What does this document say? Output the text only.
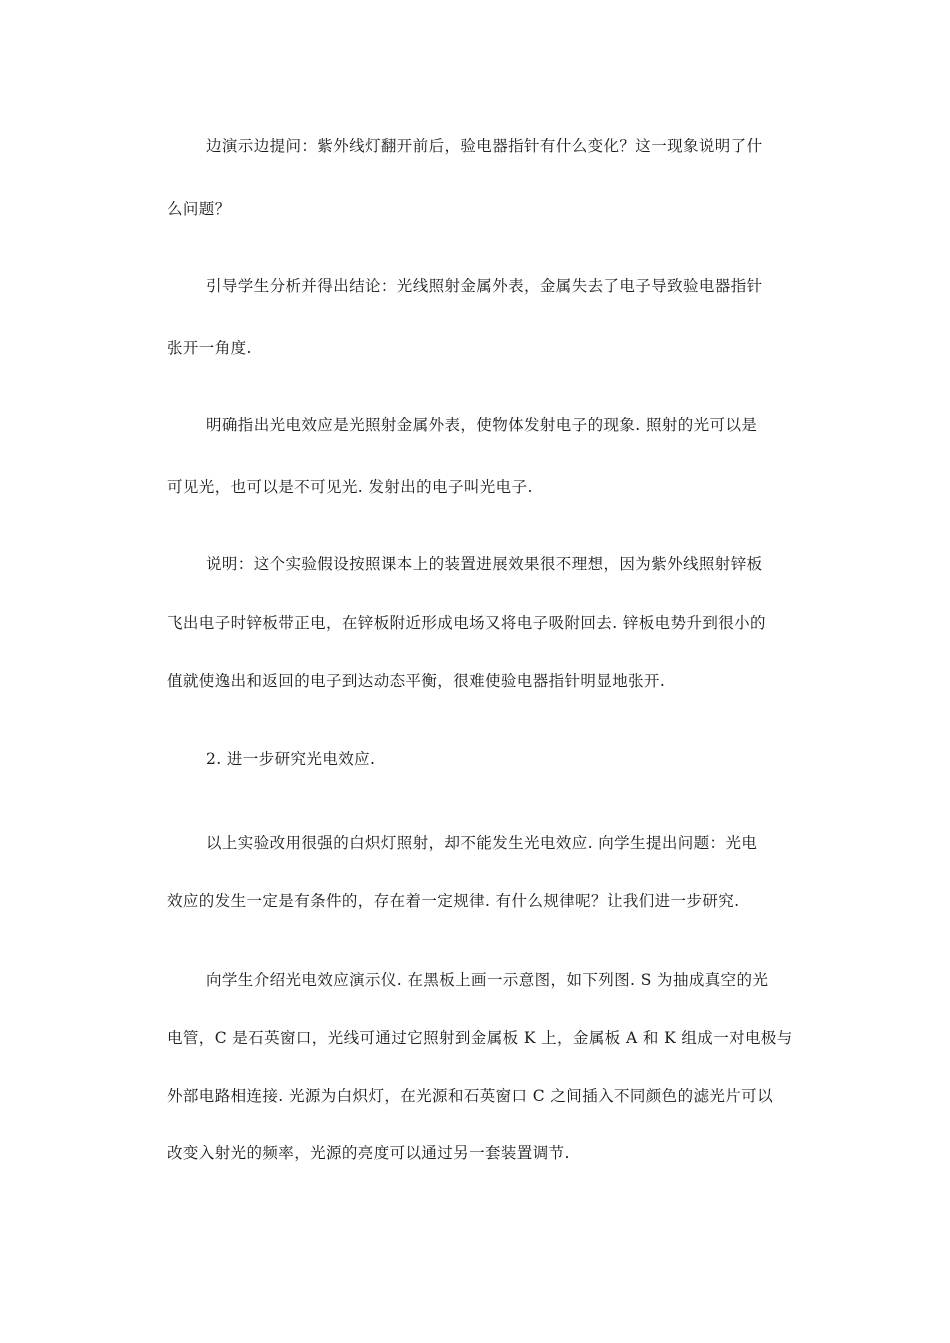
边演示边提问：紫外线灯翻开前后，验电器指针有什么变化？这一现象说明了什
么问题？
引导学生分析并得出结论：光线照射金属外表，金属失去了电子导致验电器指针
张开一角度.
明确指出光电效应是光照射金属外表，使物体发射电子的现象. 照射的光可以是
可见光，也可以是不可见光. 发射出的电子叫光电子.
说明：这个实验假设按照课本上的装置进展效果很不理想，因为紫外线照射锌板
飞出电子时锌板带正电，在锌板附近形成电场又将电子吸附回去. 锌板电势升到很小的
值就使逸出和返回的电子到达动态平衡，很难使验电器指针明显地张开.
2. 进一步研究光电效应.
以上实验改用很强的白炽灯照射，却不能发生光电效应. 向学生提出问题：光电
效应的发生一定是有条件的，存在着一定规律. 有什么规律呢？让我们进一步研究.
向学生介绍光电效应演示仪. 在黑板上画一示意图，如下列图. S 为抽成真空的光
电管，C 是石英窗口，光线可通过它照射到金属板 K 上，金属板 A 和 K 组成一对电极与
外部电路相连接. 光源为白炽灯，在光源和石英窗口 C 之间插入不同颜色的滤光片可以
改变入射光的频率，光源的亮度可以通过另一套装置调节.
